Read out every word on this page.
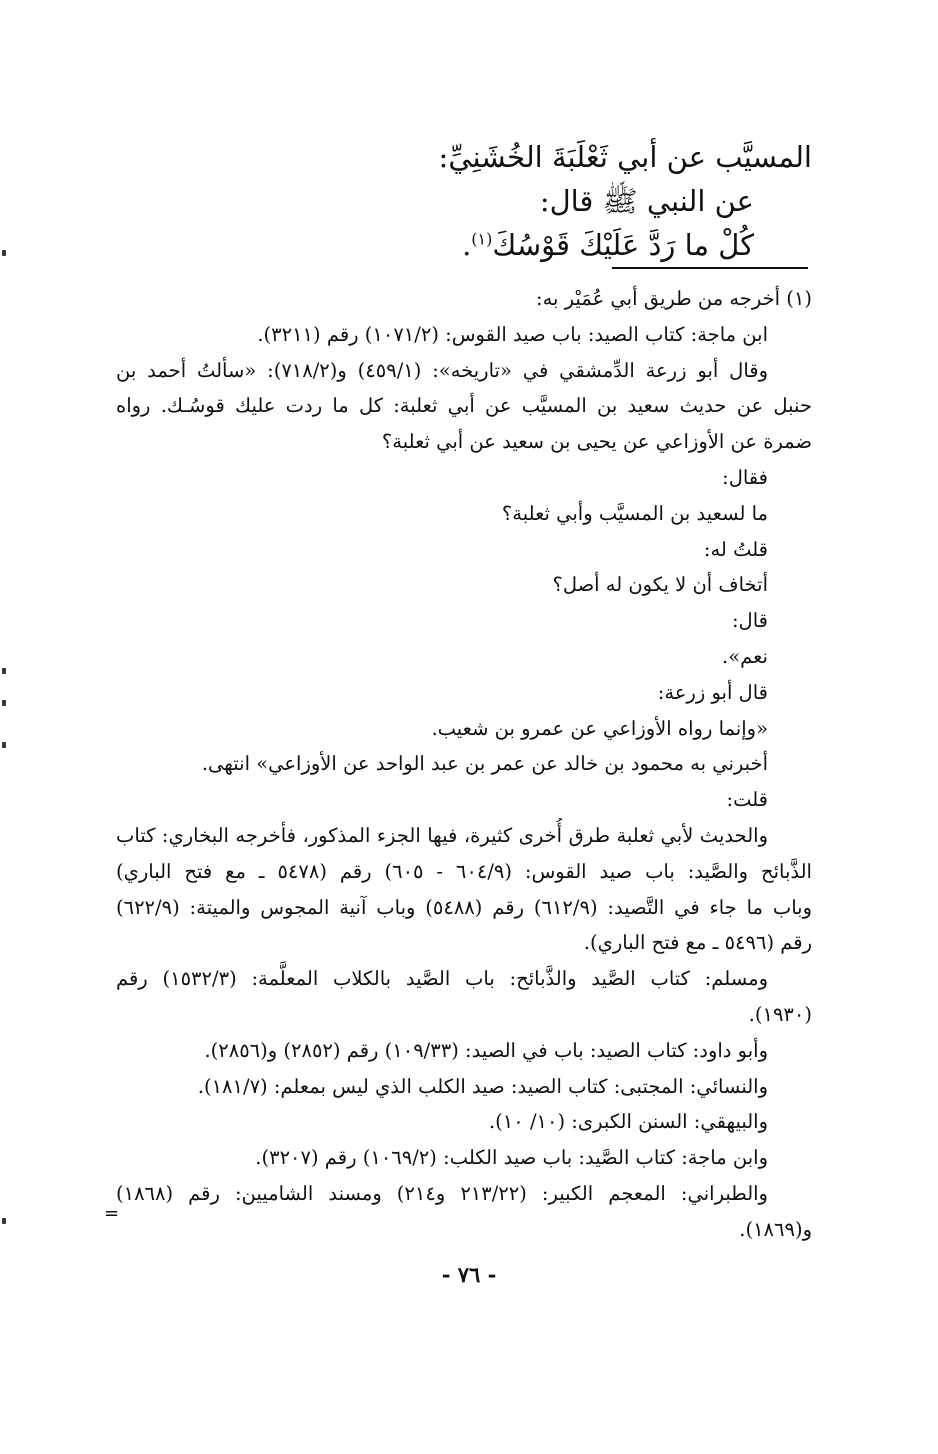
المسيَّب عن أبي ثَعْلَبَةَ الخُشَنِيِّ:
عن النبي ﷺ قال:
كُلْ ما رَدَّ عَلَيْكَ قَوْسُكَ$^{(١)}$.
(١) أخرجه من طريق أبي عُمَيْر به:
ابن ماجة: كتاب الصيد: باب صيد القوس: (١٠٧١/٢) رقم (٣٢١١).
وقال أبو زرعة الدِّمشقي في «تاريخه»: (٤٥٩/١) و(٧١٨/٢): «سألتُ أحمد بن
حنبل عن حديث سعيد بن المسيَّب عن أبي ثعلبة: كل ما ردت عليك قوسُـك. رواه
ضمرة عن الأوزاعي عن يحيى بن سعيد عن أبي ثعلبة؟
فقال:
ما لسعيد بن المسيَّب وأبي ثعلبة؟
قلتُ له:
أتخاف أن لا يكون له أصل؟
قال:
نعم».
قال أبو زرعة:
«وإنما رواه الأوزاعي عن عمرو بن شعيب.
أخبرني به محمود بن خالد عن عمر بن عبد الواحد عن الأوزاعي» انتهى.
قلت:
والحديث لأبي ثعلبة طرق أُخرى كثيرة، فيها الجزء المذكور، فأخرجه البخاري: كتاب
الذَّبائح والصَّيد: باب صيد القوس: (٦٠٤/٩ - ٦٠٥) رقم (٥٤٧٨ ـ مع فتح الباري)
وباب ما جاء في التَّصيد: (٦١٢/٩) رقم (٥٤٨٨) وباب آنية المجوس والميتة: (٦٢٢/٩)
رقم (٥٤٩٦ ـ مع فتح الباري).
ومسلم: كتاب الصَّيد والذَّبائح: باب الصَّيد بالكلاب المعلَّمة: (١٥٣٢/٣) رقم
(١٩٣٠).
وأبو داود: كتاب الصيد: باب في الصيد: (١٠٩/٣٣) رقم (٢٨٥٢) و(٢٨٥٦).
والنسائي: المجتبى: كتاب الصيد: صيد الكلب الذي ليس بمعلم: (١٨١/٧).
والبيهقي: السنن الكبرى: (١٠/ ١٠).
وابن ماجة: كتاب الصَّيد: باب صيد الكلب: (١٠٦٩/٢) رقم (٣٢٠٧).
والطبراني: المعجم الكبير: (٢١٣/٢٢ و٢١٤) ومسند الشاميين: رقم (١٨٦٨)
و(١٨٦٩).
=
- ٧٦ -
